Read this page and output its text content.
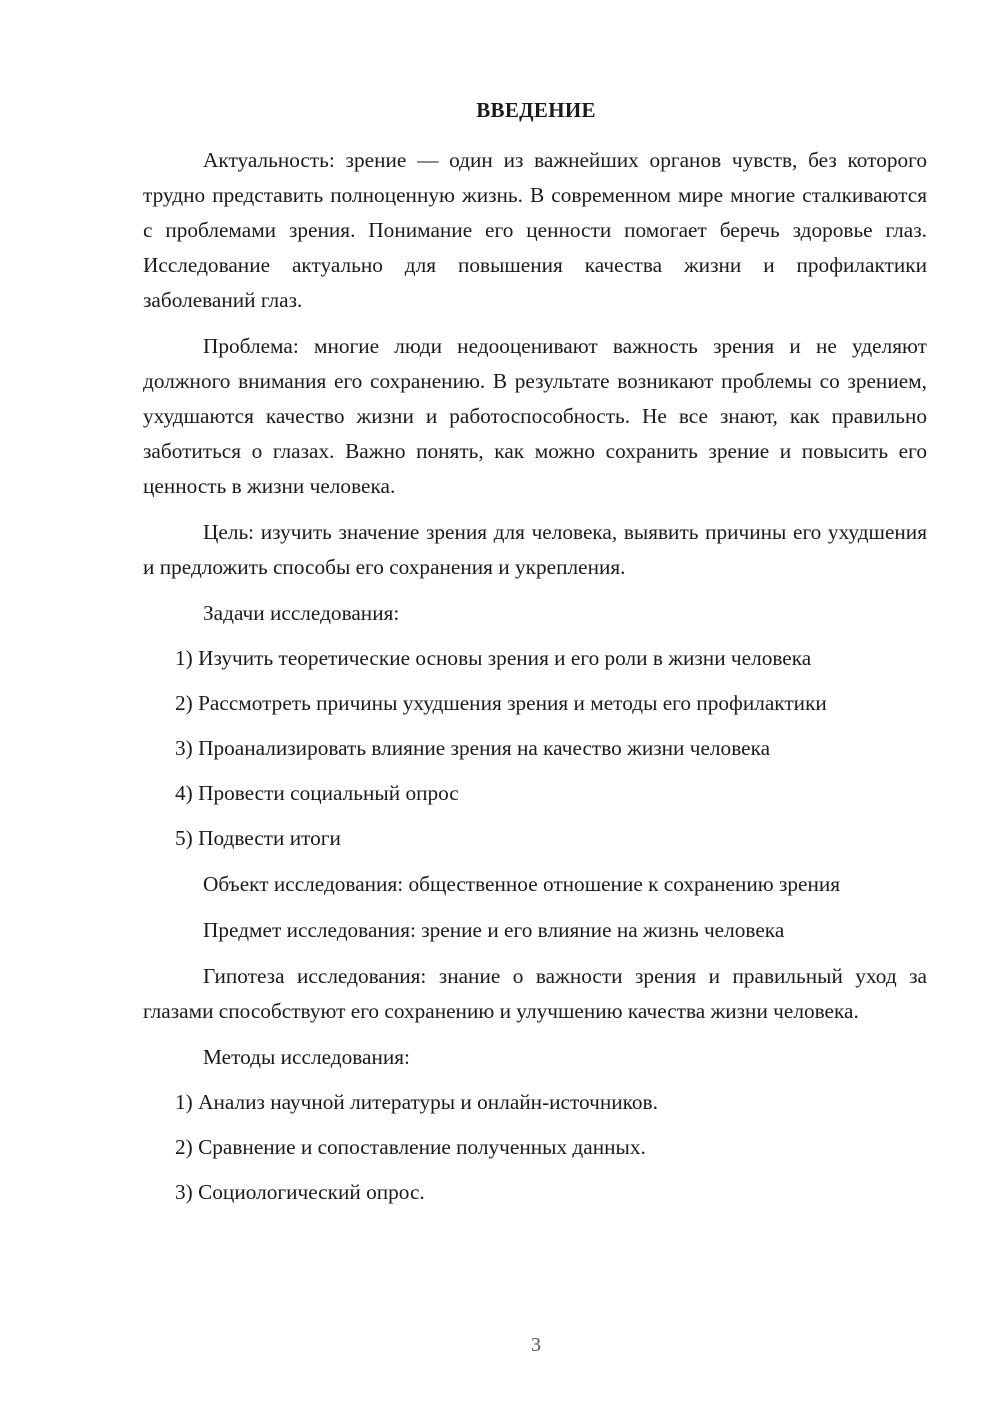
ВВЕДЕНИЕ

Актуальность: зрение — один из важнейших органов чувств, без которого трудно представить полноценную жизнь. В современном мире многие сталкиваются с проблемами зрения. Понимание его ценности помогает беречь здоровье глаз. Исследование актуально для повышения качества жизни и профилактики заболеваний глаз.

Проблема: многие люди недооценивают важность зрения и не уделяют должного внимания его сохранению. В результате возникают проблемы со зрением, ухудшаются качество жизни и работоспособность. Не все знают, как правильно заботиться о глазах. Важно понять, как можно сохранить зрение и повысить его ценность в жизни человека.

Цель: изучить значение зрения для человека, выявить причины его ухудшения и предложить способы его сохранения и укрепления.

Задачи исследования:

1) Изучить теоретические основы зрения и его роли в жизни человека

2) Рассмотреть причины ухудшения зрения и методы его профилактики

3) Проанализировать влияние зрения на качество жизни человека

4) Провести социальный опрос

5) Подвести итоги

Объект исследования: общественное отношение к сохранению зрения

Предмет исследования: зрение и его влияние на жизнь человека

Гипотеза исследования: знание о важности зрения и правильный уход за глазами способствуют его сохранению и улучшению качества жизни человека.

Методы исследования:

1) Анализ научной литературы и онлайн-источников.

2) Сравнение и сопоставление полученных данных.

3) Социологический опрос.

3
